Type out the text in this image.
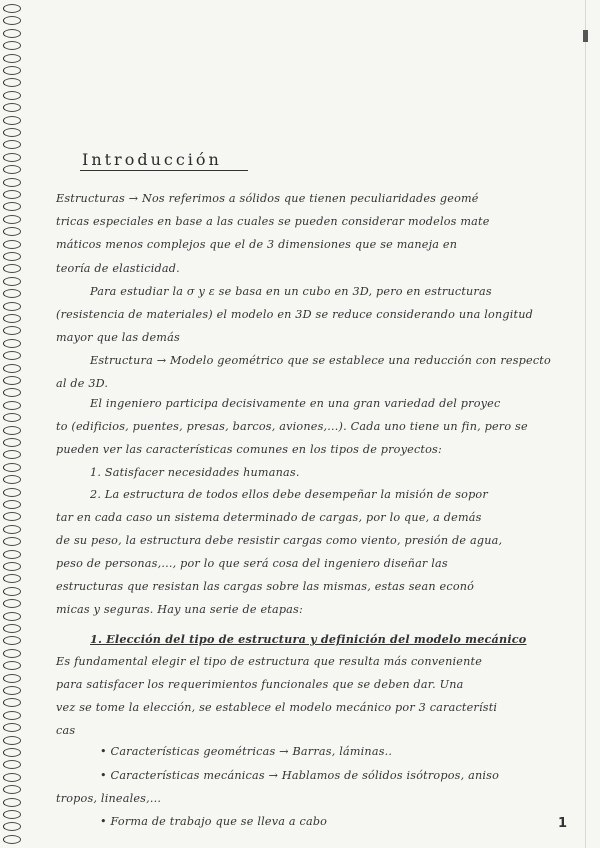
Introducción
Estructuras → Nos referimos a sólidos que tienen peculiaridades geomé
tricas especiales en base a las cuales se pueden considerar modelos mate
máticos menos complejos que el de 3 dimensiones que se maneja en
teoría de elasticidad.
Para estudiar la σ y ε se basa en un cubo en 3D, pero en estructuras
(resistencia de materiales) el modelo en 3D se reduce considerando una longitud
mayor que las demás
Estructura → Modelo geométrico que se establece una reducción con respecto
al de 3D.
El ingeniero participa decisivamente en una gran variedad del proyec
to (edificios, puentes, presas, barcos, aviones,...). Cada uno tiene un fin, pero se
pueden ver las características comunes en los tipos de proyectos:
1. Satisfacer necesidades humanas.
2. La estructura de todos ellos debe desempeñar la misión de sopor
tar en cada caso un sistema determinado de cargas, por lo que, a demás
de su peso, la estructura debe resistir cargas como viento, presión de agua,
peso de personas,..., por lo que será cosa del ingeniero diseñar las
estructuras que resistan las cargas sobre las mismas, estas sean econó
micas y seguras. Hay una serie de etapas:
1. Elección del tipo de estructura y definición del modelo mecánico
Es fundamental elegir el tipo de estructura que resulta más conveniente
para satisfacer los requerimientos funcionales que se deben dar. Una
vez se tome la elección, se establece el modelo mecánico por 3 característi
cas
• Características geométricas → Barras, láminas..
• Características mecánicas → Hablamos de sólidos isótropos, aniso
tropos, lineales,...
• Forma de trabajo que se lleva a cabo	1
